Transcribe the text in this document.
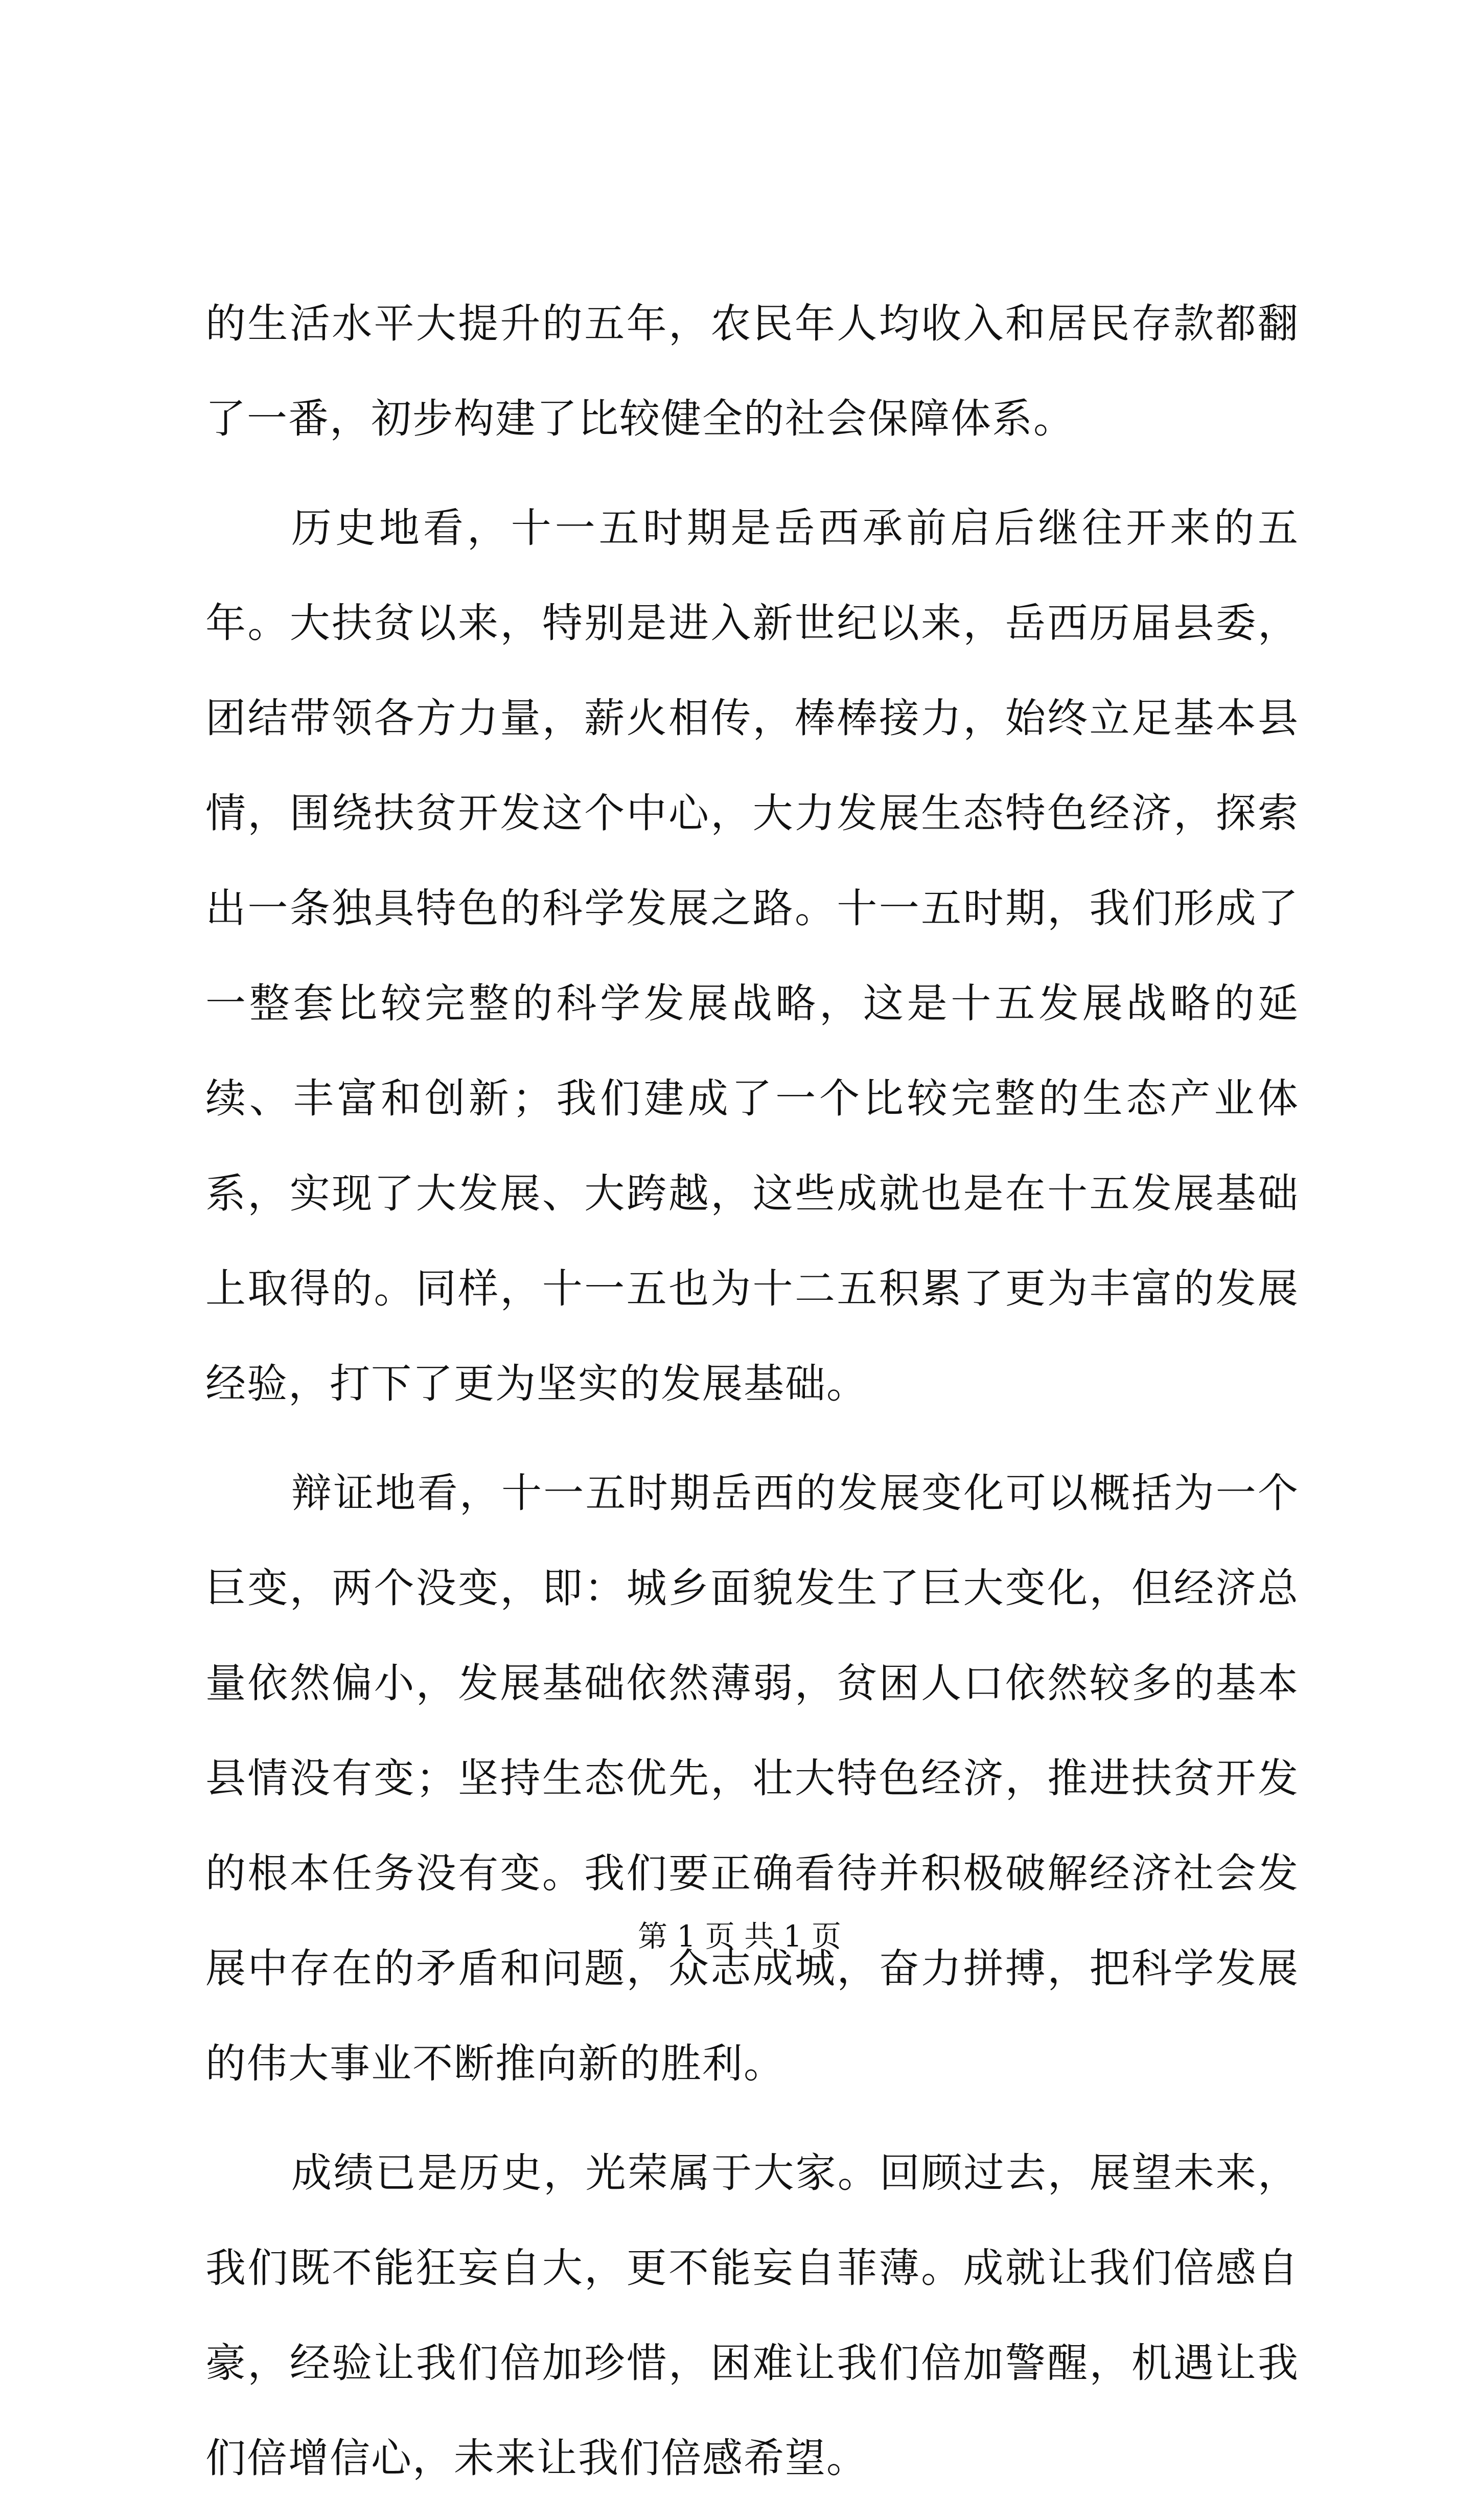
的生活水平大提升的五年，农民年人均收入和居民存款都翻了一番，初步构建了比较健全的社会保障体系。

历史地看，十一五时期是岳西承前启后继往开来的五年。大扶贫以来，特别是进入新世纪以来，岳西历届县委，团结带领各方力量，薪火相传，棒棒接力，始终立足基本县情，围绕扶贫开发这个中心，大力发展生态特色经济，探索出一条独具特色的科学发展之路。十一五时期，我们形成了一整套比较完整的科学发展战略，这是十五发展战略的延续、丰富和创新；我们建成了一个比较完整的生态产业体系，实现了大发展、大跨越，这些成就也是在十五发展基础上取得的。同样，十一五也为十二五积累了更为丰富的发展经验，打下了更为坚实的发展基础。

辩证地看，十一五时期岳西的发展变化可以概括为一个巨变，两个没变，即：城乡面貌发生了巨大变化，但经济总量依然偏小，发展基础依然薄弱，贫困人口依然较多的基本县情没有变；坚持生态优先，壮大特色经济，推进扶贫开发的根本任务没有变。我们要正确看待并积极破解经济社会发展中存在的矛盾和问题，众志成城，奋力拼搏，把科学发展的伟大事业不断推向新的胜利。

成绩已是历史，光荣属于大家。回顾过去，展望未来，我们既不能狂妄自大，更不能妄自菲薄。成就让我们倍感自豪，经验让我们倍加珍惜，困难让我们倍加警醒，机遇让我们倍增信心，未来让我们倍感希望。

第 1 页 共 1 页
